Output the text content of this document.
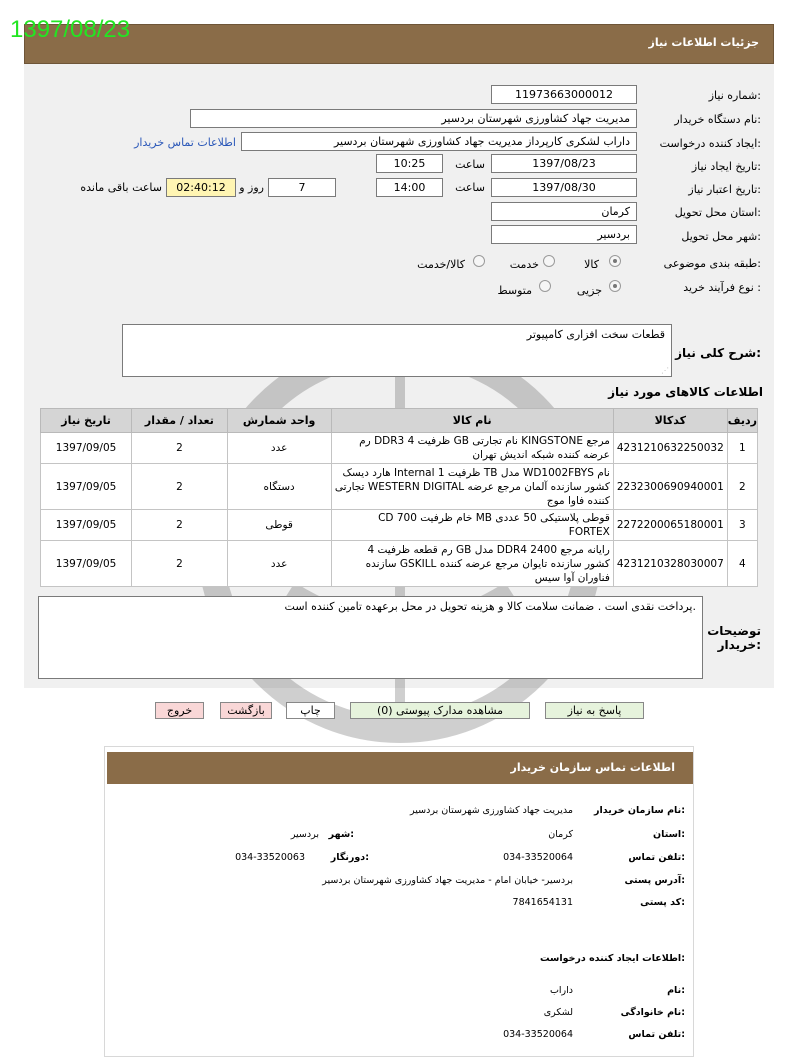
جزئیات اطلاعات نیاز
1397/08/23
شماره نیاز:
1197366300001​2
نام دستگاه خریدار:
مدیریت جهاد کشاورزی شهرستان بردسیر
ایجاد کننده درخواست:
داراب لشکری کارپرداز مدیریت جهاد کشاورزی شهرستان بردسیر
اطلاعات تماس خریدار
تاریخ ایجاد نیاز:
1397/08/23
ساعت
10:25
تاریخ اعتبار نیاز:
1397/08/30
ساعت
14:00
7
روز و
02:40:12
ساعت باقی مانده
استان محل تحویل:
کرمان
شهر محل تحویل:
بردسیر
طبقه بندی موضوعی:
کالا
خدمت
کالا/خدمت
نوع فرآیند خرید :
جزیی
متوسط
شرح کلی نیاز:
قطعات سخت افزاری کامپیوتر
⋰
اطلاعات کالاهای مورد نیاز
تاریخ نیاز	تعداد / مقدار	واحد شمارش	نام کالا	کدکالا	ردیف
1397/09/05	2	عدد	رم DDR3 ظرفیت 4 GB نام تجارتی KINGSTONE مرجع عرضه کننده شبکه اندیش تهران	4231210632250032	1
1397/09/05	2	دستگاه	هارد دیسک Internal ظرفیت 1 TB مدل WD1002FBYS نام تجارتی WESTERN DIGITAL کشور سازنده آلمان مرجع عرضه کننده فاوا موج	2232300690940001	2
1397/09/05	2	قوطی	CD خام ظرفیت 700 MB قوطی پلاستیکی 50 عددی FORTEX	2272200065180001	3
1397/09/05	2	عدد	رم قطعه ظرفیت 4 GB مدل DDR4 2400 رایانه مرجع سازنده GSKILL کشور سازنده تایوان مرجع عرضه کننده فناوران آوا سیس	4231210328030007	4
توضیحات خریدار:
پرداخت نقدی است . ضمانت سلامت کالا و هزینه تحویل در محل برعهده تامین کننده است.
پاسخ به نیاز
مشاهده مدارک پیوستی (0)
چاپ
بازگشت
خروج
اطلاعات تماس سازمان خریدار
نام سازمان خریدار:
مدیریت جهاد کشاورزی شهرستان بردسیر
استان:
کرمان
شهر:
بردسیر
تلفن تماس:
034-33520064
دورنگار:
034-33520063
آدرس پستی:
بردسیر- خیابان امام - مدیریت جهاد کشاورزی شهرستان بردسیر
کد پستی:
7841654131
اطلاعات ایجاد کننده درخواست:
نام:
داراب
نام خانوادگی:
لشکری
تلفن تماس:
034-33520064
